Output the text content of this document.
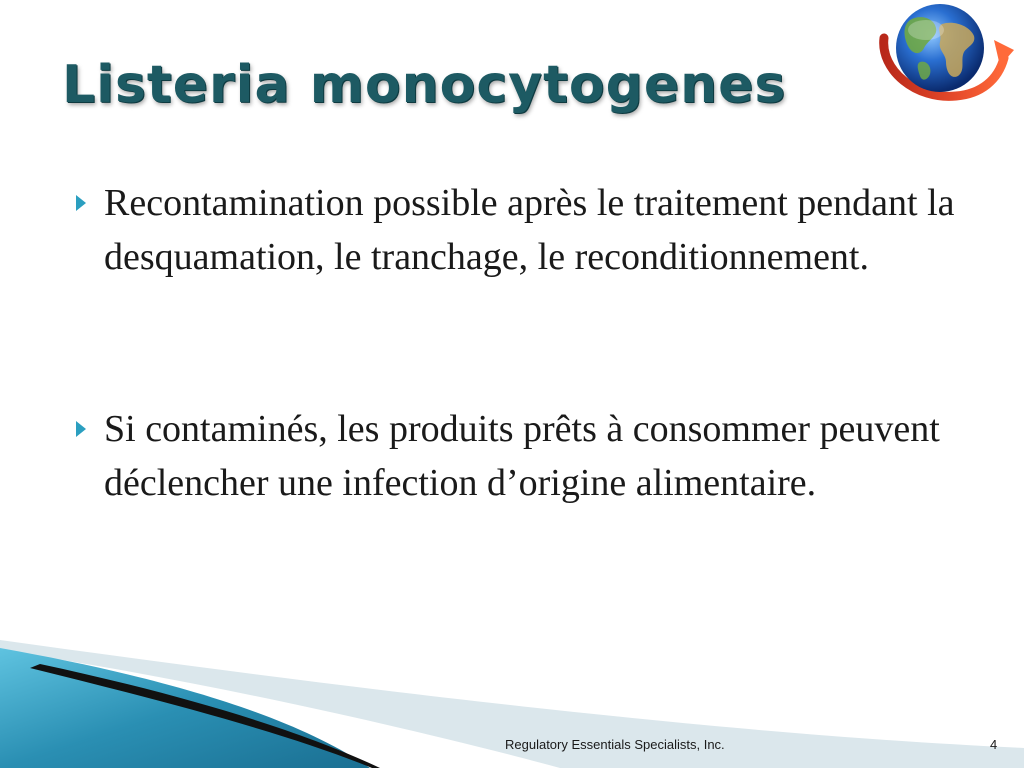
Listeria monocytogenes
Recontamination possible après le traitement pendant la desquamation, le tranchage, le reconditionnement.
Si contaminés, les produits prêts à consommer peuvent déclencher une infection d’origine alimentaire.
Regulatory Essentials Specialists, Inc.	4
